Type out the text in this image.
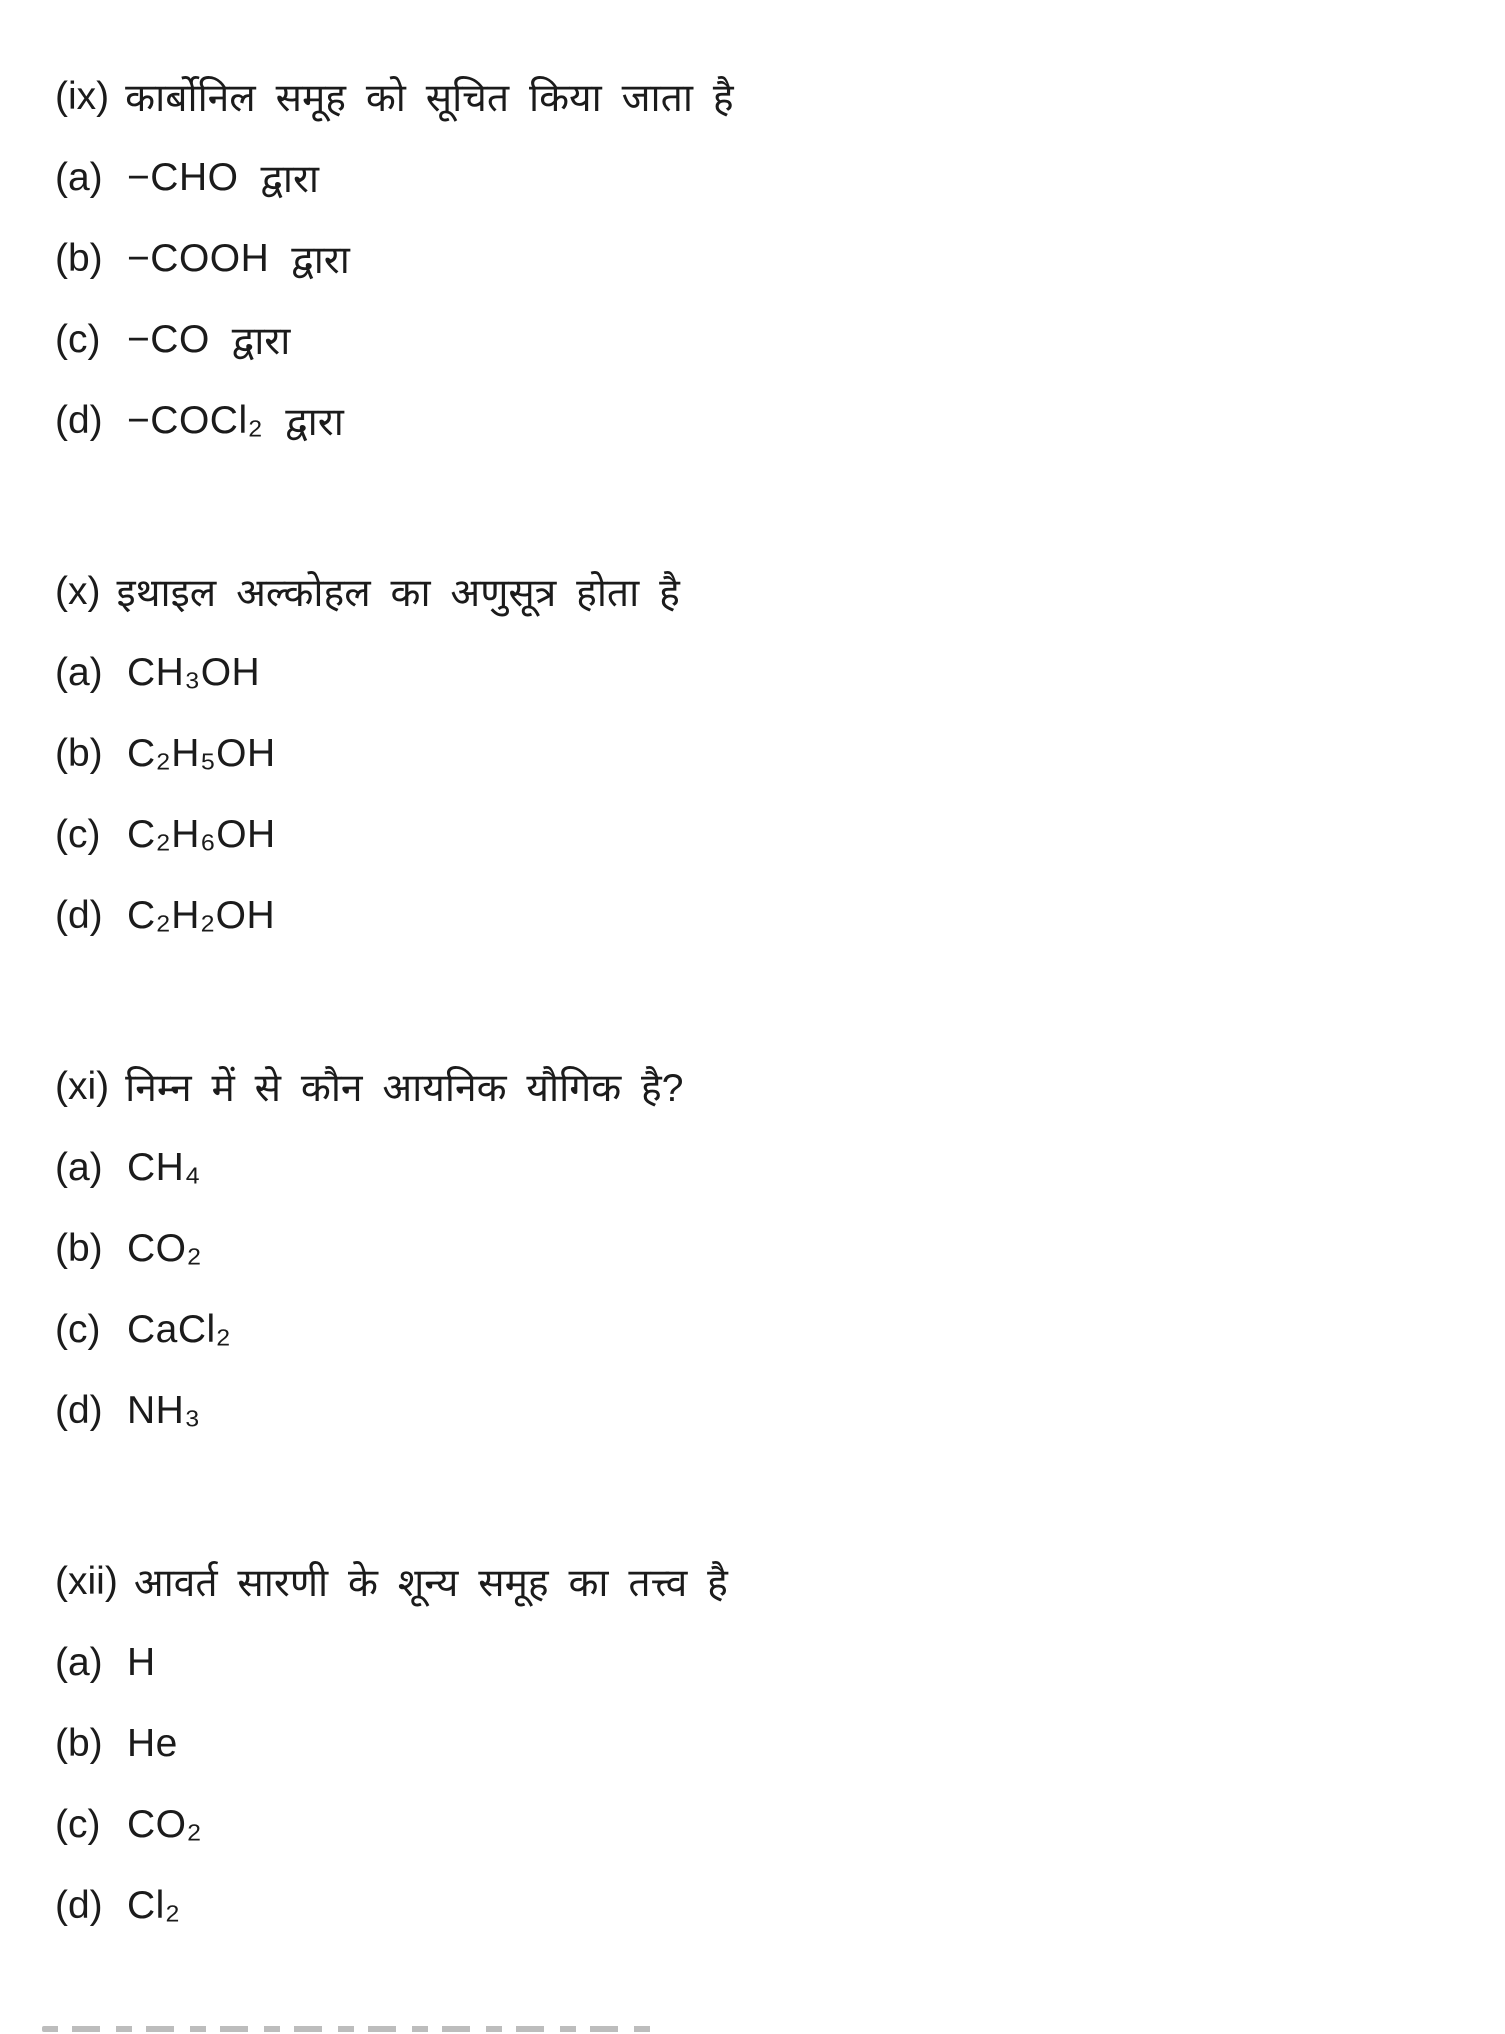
(ix) कार्बोनिल समूह को सूचित किया जाता है
(a) −CHO द्वारा
(b) −COOH द्वारा
(c) −CO द्वारा
(d) −COCl₂ द्वारा
(x) इथाइल अल्कोहल का अणुसूत्र होता है
(a) CH₃OH
(b) C₂H₅OH
(c) C₂H₆OH
(d) C₂H₂OH
(xi) निम्न में से कौन आयनिक यौगिक है?
(a) CH₄
(b) CO₂
(c) CaCl₂
(d) NH₃
(xii) आवर्त सारणी के शून्य समूह का तत्त्व है
(a) H
(b) He
(c) CO₂
(d) Cl₂
